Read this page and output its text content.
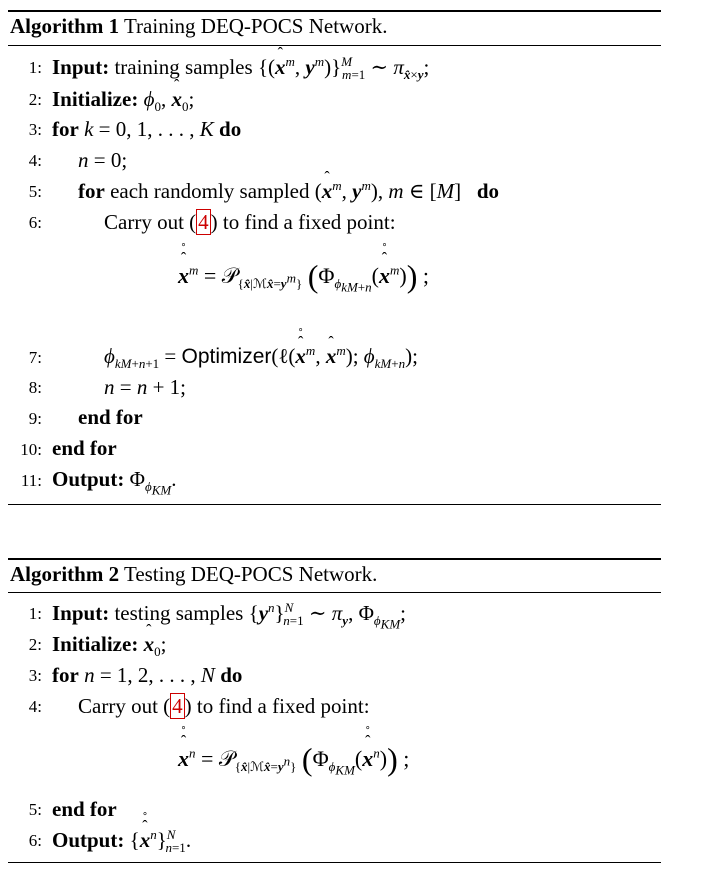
Algorithm 1 Training DEQ-POCS Network.
1: Input: training samples {(ˆ $x^m$, $y^m)\}^M_{m=1}$ ∼ $\pi_{x̂\times y}$;
2: Initialize: $\phi_0$, ˆ $x_0$;
3: for k = 0, 1, . . . , K do
4: n = 0;
5: for each randomly sampled (ˆ $x^m$, $y^m$), m ∈ [M]   do
6:	Carry out (4) to find a fixed point:
ˆ x ˚$^m$ = 𝒫$_{\{x̂|ℳx̂=y^m\}}$ ($\Phi_{\phi_{kM+n}}(ˆ$ x ˚$^m$)) ;
7:	$\phi_{kM+n+1}$ = Optimizer(ℓ(ˆ x ˚$^m$, ˆ $x^m$); $\phi_{kM+n}$);
8:	n = n + 1;
9: end for
10: end for
11: Output: $\Phi_{\phi_{KM}}$.
Algorithm 2 Testing DEQ-POCS Network.
1: Input: testing samples $\{y^n\}^N_{n=1}$ ∼ $\pi_y$, $\Phi_{\phi_{KM}}$;
2: Initialize: ˆ $x_0$;
3: for n = 1, 2, . . . , N do
4: Carry out (4) to find a fixed point:
ˆ x ˚$^n$ = 𝒫$_{\{x̂|ℳx̂=y^n\}}$ ($\Phi_{\phi_{KM}}(ˆ$ x ˚$^n$)) ;
5: end for
6: Output: {ˆ x ˚$^n$}$^N_{n=1}$.
